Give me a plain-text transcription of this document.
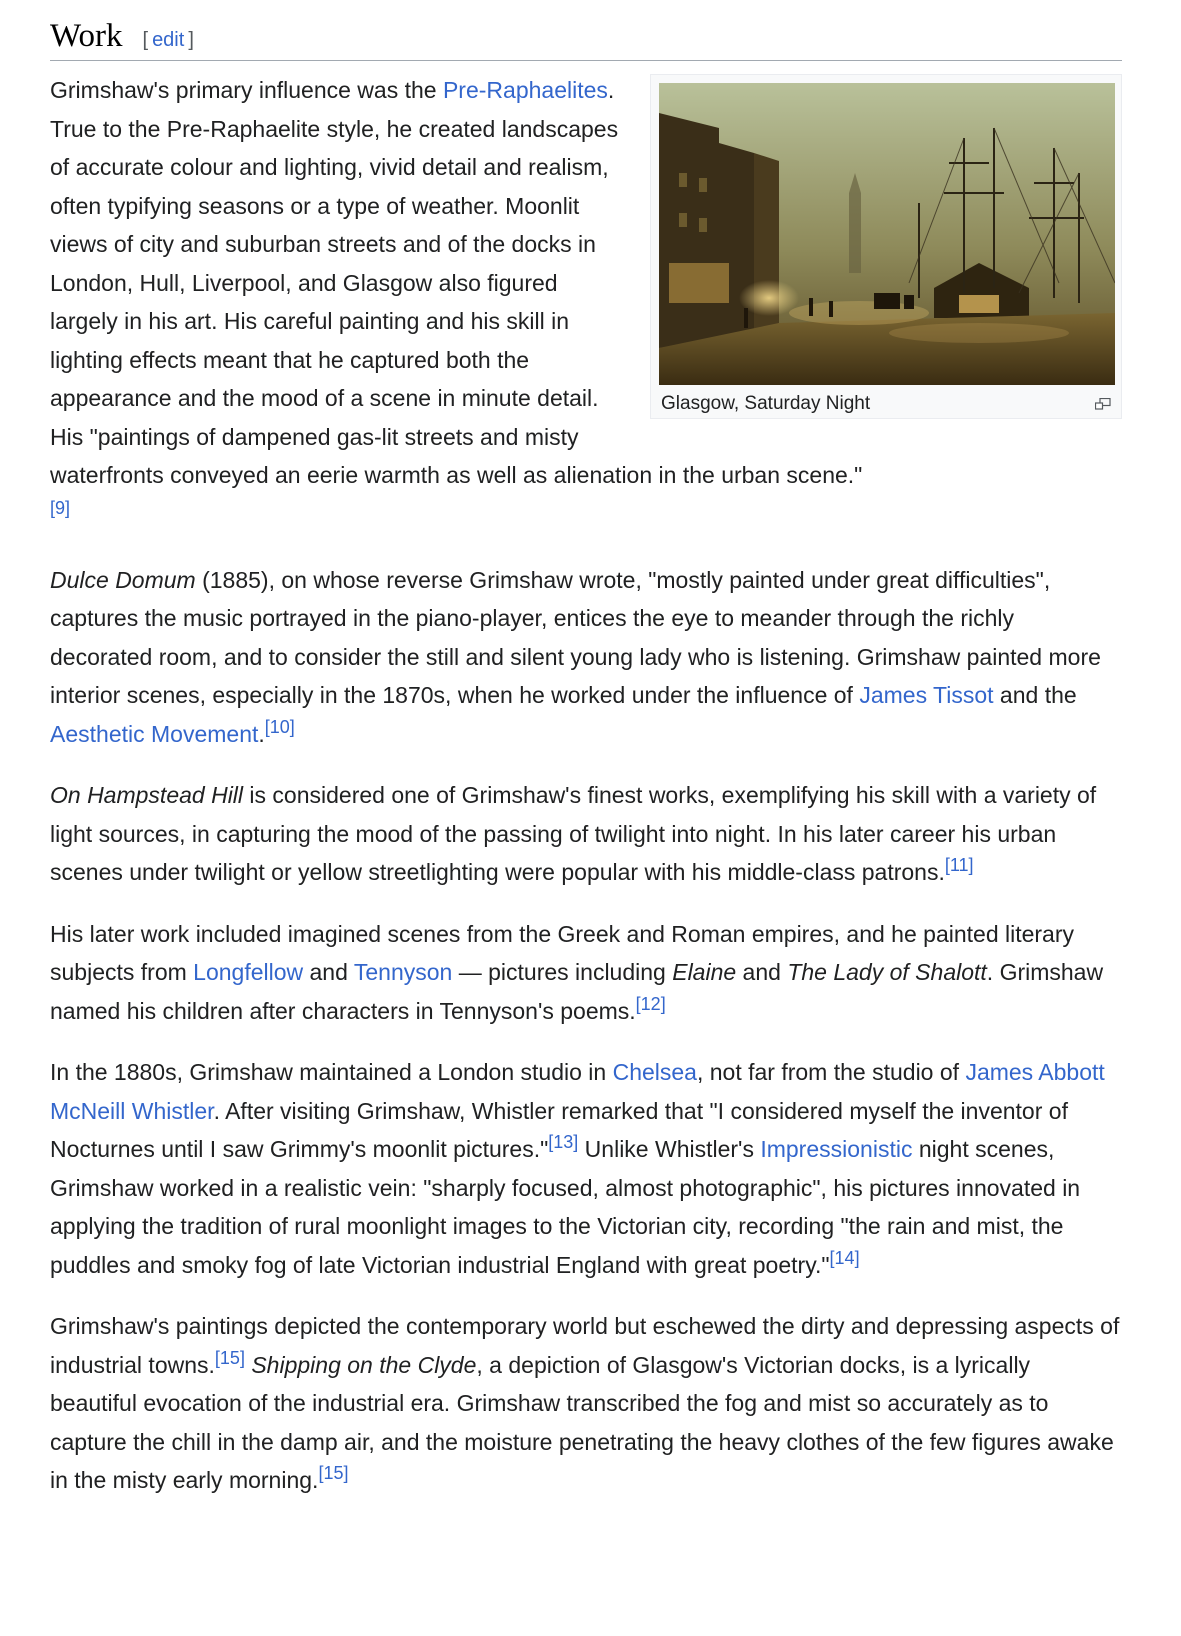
Work [ edit ]
Glasgow, Saturday Night

Grimshaw's primary influence was the Pre-Raphaelites. True to the Pre-Raphaelite style, he created landscapes of accurate colour and lighting, vivid detail and realism, often typifying seasons or a type of weather. Moonlit views of city and suburban streets and of the docks in London, Hull, Liverpool, and Glasgow also figured largely in his art. His careful painting and his skill in lighting effects meant that he captured both the appearance and the mood of a scene in minute detail. His "paintings of dampened gas-lit streets and misty waterfronts conveyed an eerie warmth as well as alienation in the urban scene."

[9]

Dulce Domum (1885), on whose reverse Grimshaw wrote, "mostly painted under great difficulties", captures the music portrayed in the piano-player, entices the eye to meander through the richly decorated room, and to consider the still and silent young lady who is listening. Grimshaw painted more interior scenes, especially in the 1870s, when he worked under the influence of James Tissot and the Aesthetic Movement.[10]

On Hampstead Hill is considered one of Grimshaw's finest works, exemplifying his skill with a variety of light sources, in capturing the mood of the passing of twilight into night. In his later career his urban scenes under twilight or yellow streetlighting were popular with his middle-class patrons.[11]

His later work included imagined scenes from the Greek and Roman empires, and he painted literary subjects from Longfellow and Tennyson — pictures including Elaine and The Lady of Shalott. Grimshaw named his children after characters in Tennyson's poems.[12]

In the 1880s, Grimshaw maintained a London studio in Chelsea, not far from the studio of James Abbott McNeill Whistler. After visiting Grimshaw, Whistler remarked that "I considered myself the inventor of Nocturnes until I saw Grimmy's moonlit pictures."[13] Unlike Whistler's Impressionistic night scenes, Grimshaw worked in a realistic vein: "sharply focused, almost photographic", his pictures innovated in applying the tradition of rural moonlight images to the Victorian city, recording "the rain and mist, the puddles and smoky fog of late Victorian industrial England with great poetry."[14]

Grimshaw's paintings depicted the contemporary world but eschewed the dirty and depressing aspects of industrial towns.[15] Shipping on the Clyde, a depiction of Glasgow's Victorian docks, is a lyrically beautiful evocation of the industrial era. Grimshaw transcribed the fog and mist so accurately as to capture the chill in the damp air, and the moisture penetrating the heavy clothes of the few figures awake in the misty early morning.[15]
